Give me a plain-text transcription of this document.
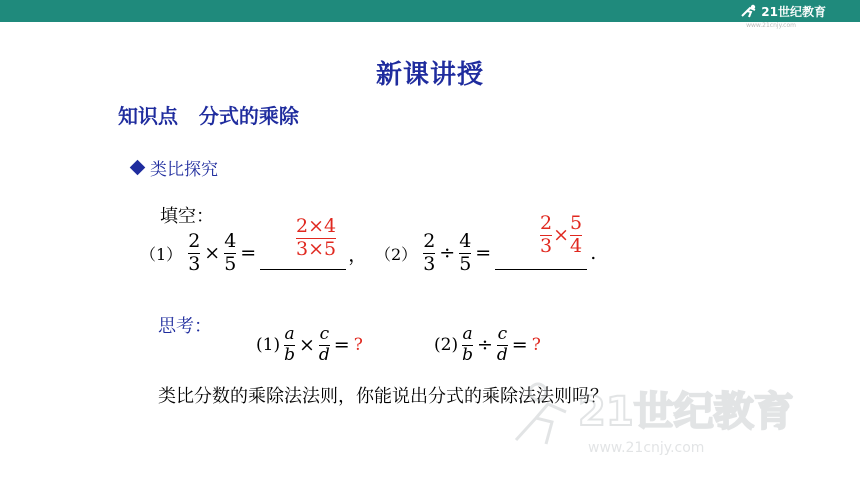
21世纪教育
www.21cnjy.com
新课讲授
知识点   分式的乘除
类比探究
填空：
$(1) \frac{2}{3} \times \frac{4}{5}$ =	，
$\frac{2\times 4}{3\times 5} (2) \frac{2}{3} \div \frac{4}{5}$ =	.
$\frac{2}{3} \times \frac{5}{4}$
思考：
$(1) \frac{a}{b} \times \frac{c}{d}$ = ?	$(2) \frac{a}{b} \div \frac{c}{d}$ = ?
类比分数的乘除法法则，你能说出分式的乘除法法则吗？
21世纪教育
www.21cnjy.com
